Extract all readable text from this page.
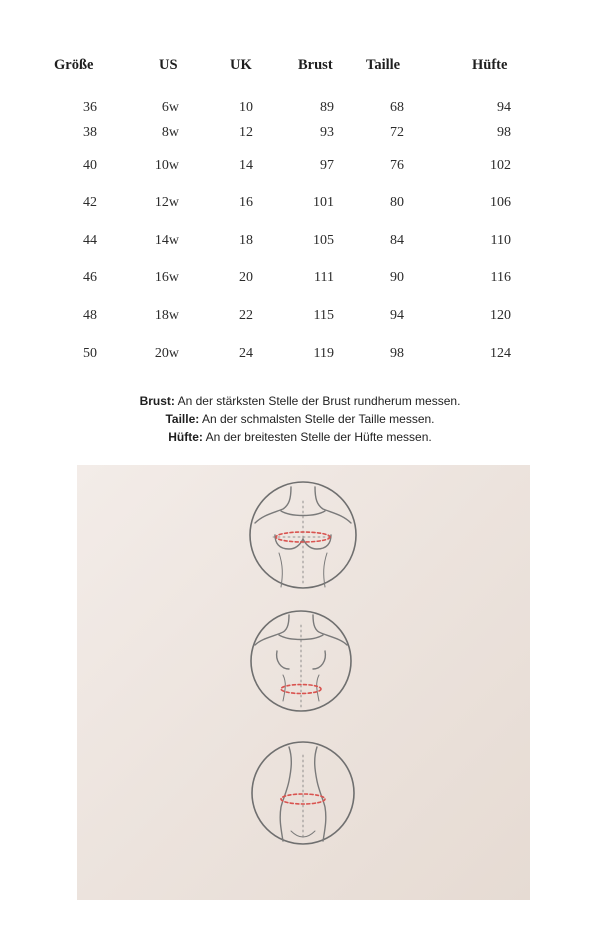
Größe	US	UK	Brust Taille	Hüfte
36	6w	10	89	68	94
38	8w	12	93	72	98
40	10w	14	97	76	102
42	12w	16	101	80	106
44	14w	18	105	84	110
46	16w	20	111	90	116
48	18w	22	115	94	120
50	20w	24	119	98	124
Brust: An der stärksten Stelle der Brust rundherum messen.
Taille: An der schmalsten Stelle der Taille messen.
Hüfte: An der breitesten Stelle der Hüfte messen.
